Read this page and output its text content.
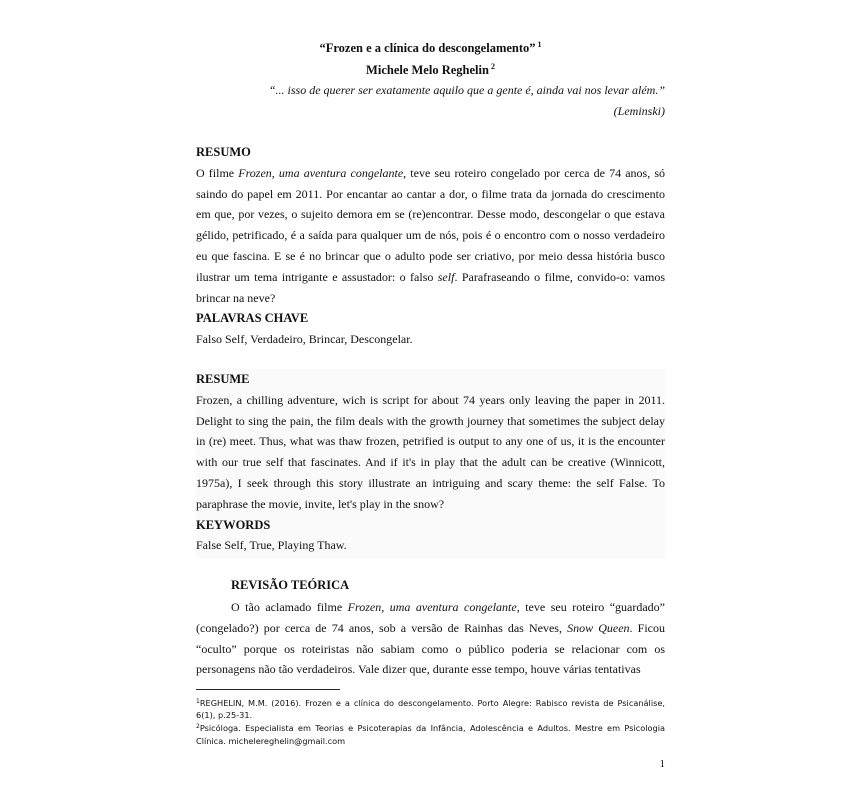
“Frozen e a clínica do descongelamento” $^1$
Michele Melo Reghelin $^2$
“... isso de querer ser exatamente aquilo que a gente é, ainda vai nos levar além.”
(Leminski)
RESUMO
O filme Frozen, uma aventura congelante, teve seu roteiro congelado por cerca de 74 anos, só saindo do papel em 2011. Por encantar ao cantar a dor, o filme trata da jornada do crescimento em que, por vezes, o sujeito demora em se (re)encontrar. Desse modo, descongelar o que estava gélido, petrificado, é a saída para qualquer um de nós, pois é o encontro com o nosso verdadeiro eu que fascina. E se é no brincar que o adulto pode ser criativo, por meio dessa história busco ilustrar um tema intrigante e assustador: o falso self. Parafraseando o filme, convido-o: vamos brincar na neve?
PALAVRAS CHAVE
Falso Self, Verdadeiro, Brincar, Descongelar.
RESUME
Frozen, a chilling adventure, wich is script for about 74 years only leaving the paper in 2011. Delight to sing the pain, the film deals with the growth journey that sometimes the subject delay in (re) meet. Thus, what was thaw frozen, petrified is output to any one of us, it is the encounter with our true self that fascinates. And if it's in play that the adult can be creative (Winnicott, 1975a), I seek through this story illustrate an intriguing and scary theme: the self False. To paraphrase the movie, invite, let's play in the snow?
KEYWORDS
False Self, True, Playing Thaw.
REVISÃO TEÓRICA
O tão aclamado filme Frozen, uma aventura congelante, teve seu roteiro “guardado” (congelado?) por cerca de 74 anos, sob a versão de Rainhas das Neves, Snow Queen. Ficou “oculto” porque os roteiristas não sabiam como o público poderia se relacionar com os personagens não tão verdadeiros. Vale dizer que, durante esse tempo, houve várias tentativas
$^1$REGHELIN, M.M. (2016). Frozen e a clínica do descongelamento. Porto Alegre: Rabisco revista de Psicanálise, 6(1), p.25-31.
$^2$Psicóloga. Especialista em Teorias e Psicoterapias da Infância, Adolescência e Adultos. Mestre em Psicologia Clínica. michelereghelin@gmail.com
1
